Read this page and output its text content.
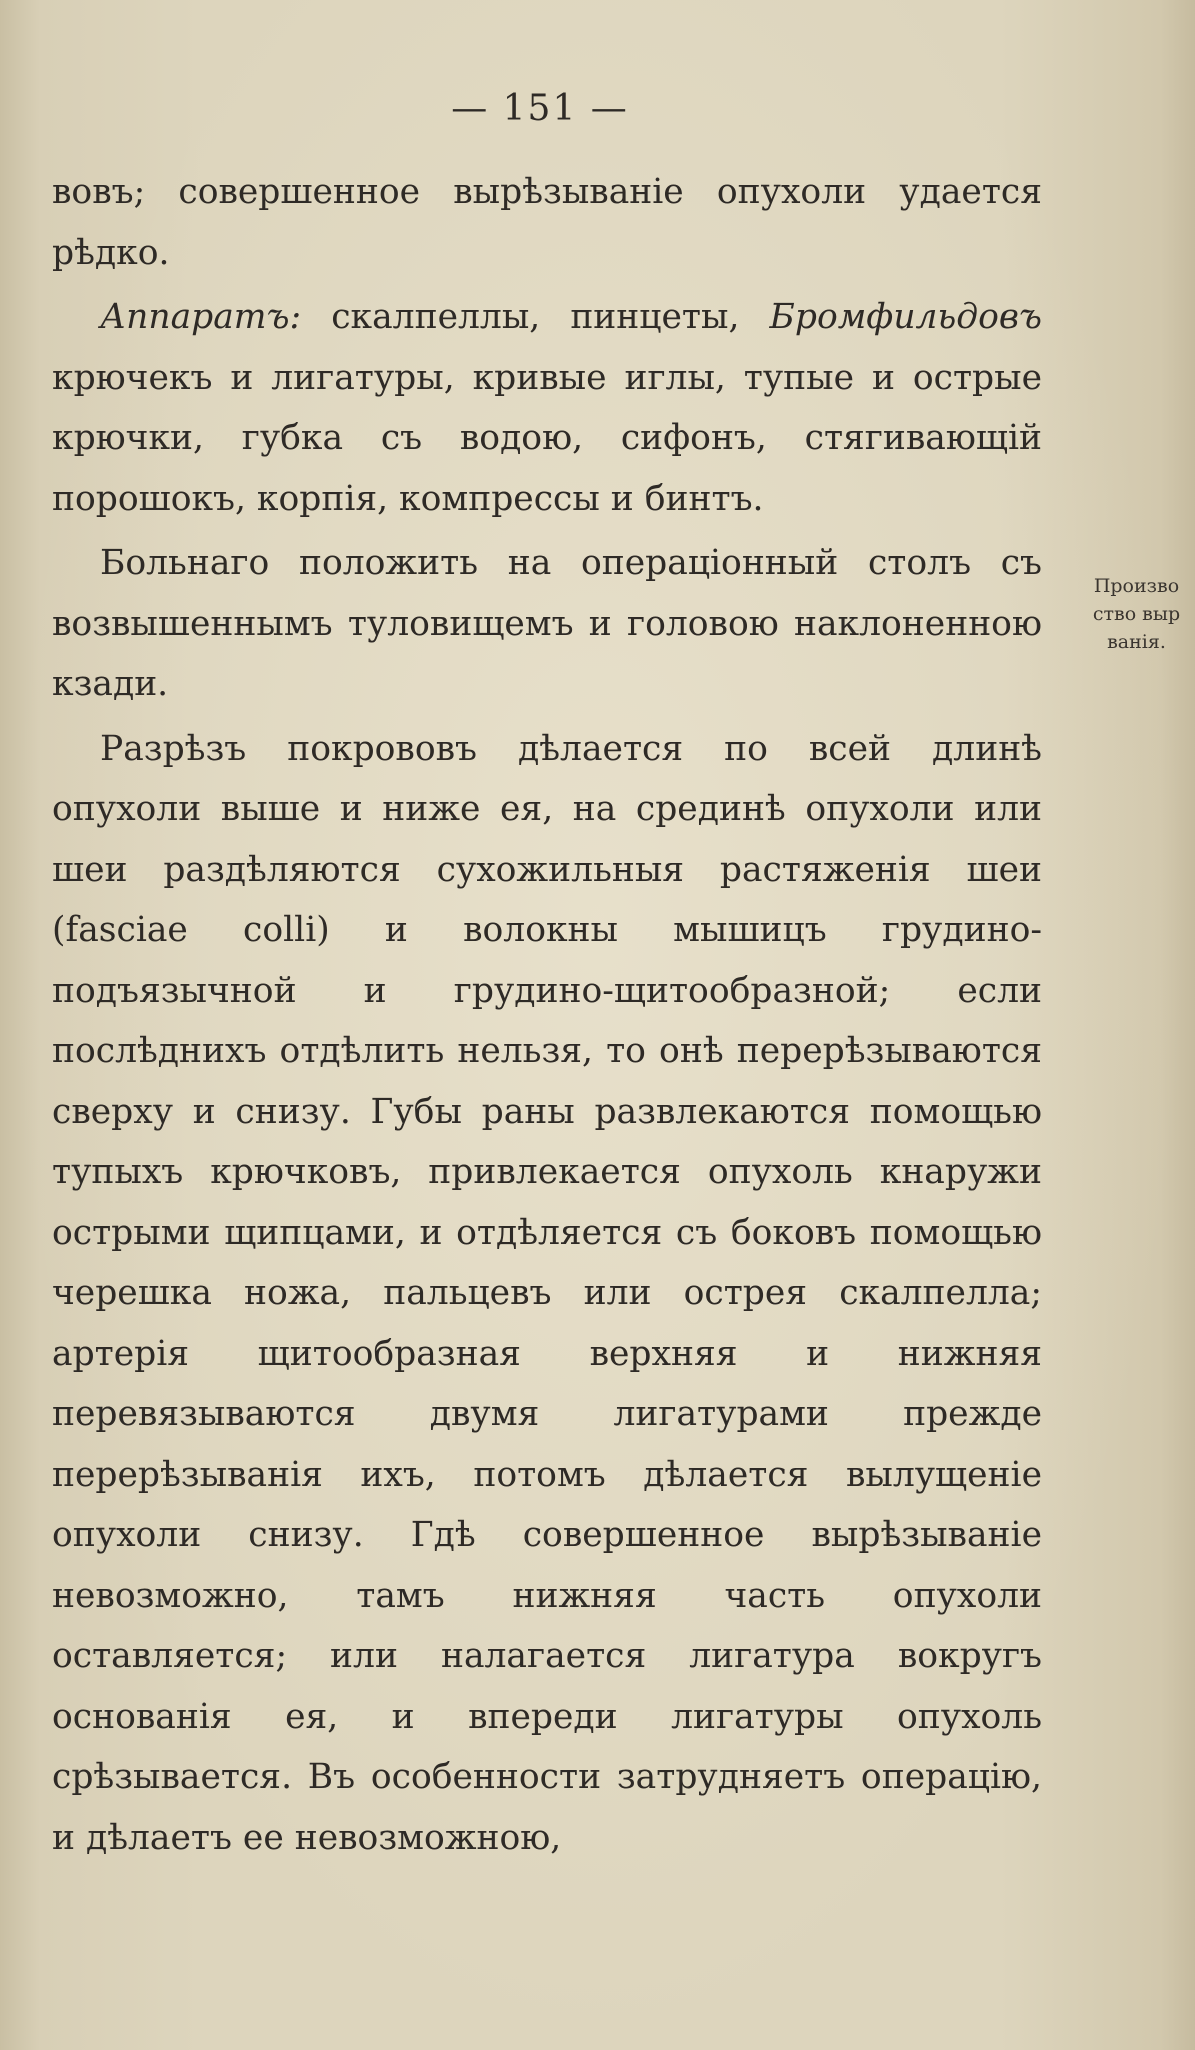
— 151 —

вовъ; совершенное вырѣзываніе опухоли удается рѣдко.

Аппаратъ: скалпеллы, пинцеты, Бромфильдовъ крючекъ и лигатуры, кривые иглы, тупые и острые крючки, губка съ водою, сифонъ, стягивающій порошокъ, корпія, компрессы и бинтъ.

Больнаго положить на операціонный столъ съ возвышеннымъ туловищемъ и головою наклоненною кзади.

Разрѣзъ покрововъ дѣлается по всей длинѣ опухоли выше и ниже ея, на срединѣ опухоли или шеи раздѣляются сухожильныя растяженія шеи (fasciae colli) и волокны мышицъ грудино-подъязычной и грудино-щитообразной; если послѣднихъ отдѣлить нельзя, то онѣ перерѣзываются сверху и снизу. Губы раны развлекаются помощью тупыхъ крючковъ, привлекается опухоль кнаружи острыми щипцами, и отдѣляется съ боковъ помощью черешка ножа, пальцевъ или острея скалпелла; артерія щитообразная верхняя и нижняя перевязываются двумя лигатурами прежде перерѣзыванія ихъ, потомъ дѣлается вылущеніе опухоли снизу. Гдѣ совершенное вырѣзываніе невозможно, тамъ нижняя часть опухоли оставляется; или налагается лигатура вокругъ основанія ея, и впереди лигатуры опухоль срѣзывается. Въ особенности затрудняетъ операцію, и дѣлаетъ ее невозможною,

Произво
ство выр
ванія.
